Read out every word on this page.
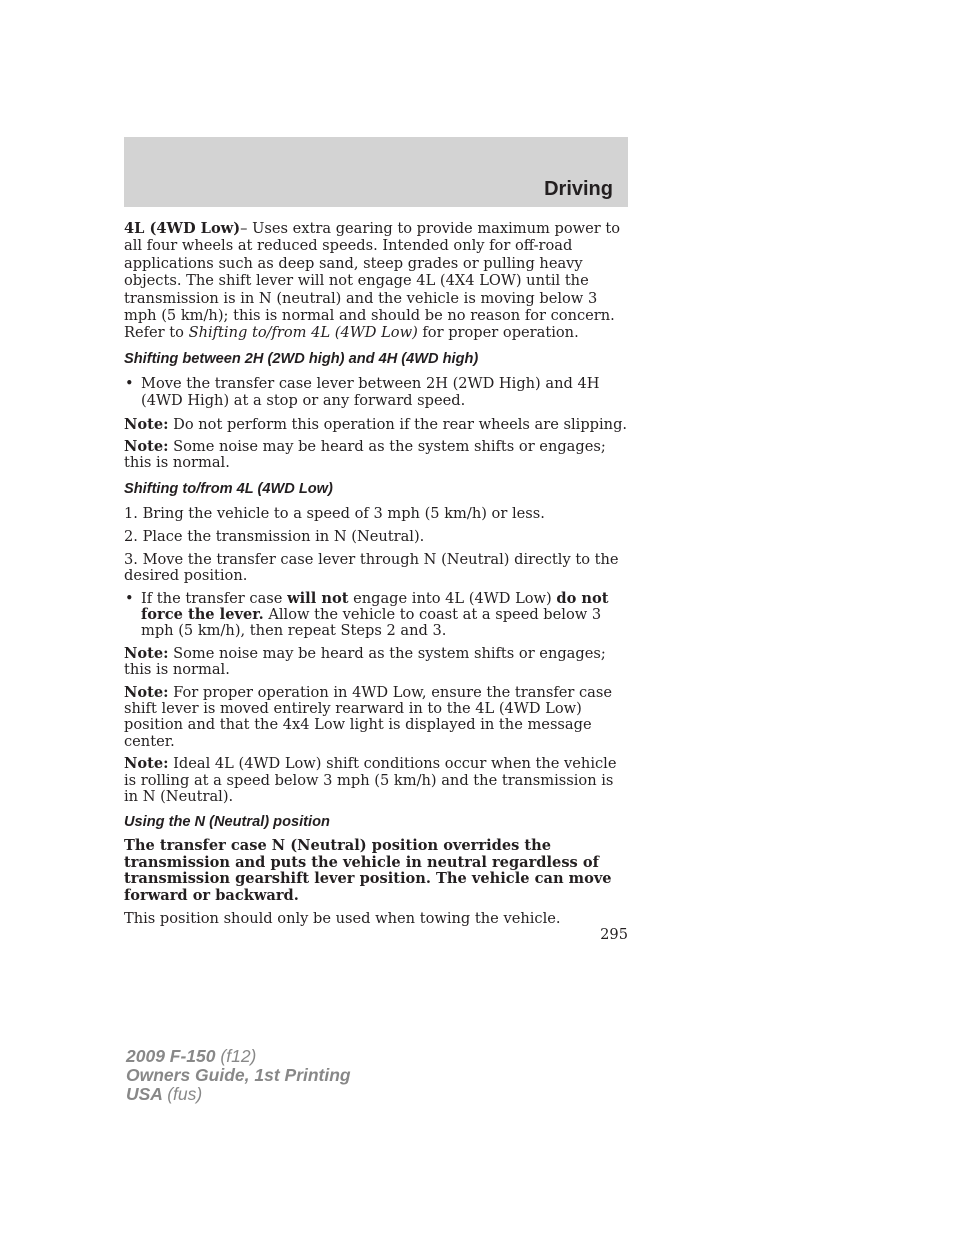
Driving

4L (4WD Low)– Uses extra gearing to provide maximum power to all four wheels at reduced speeds. Intended only for off-road applications such as deep sand, steep grades or pulling heavy objects. The shift lever will not engage 4L (4X4 LOW) until the transmission is in N (neutral) and the vehicle is moving below 3 mph (5 km/h); this is normal and should be no reason for concern. Refer to Shifting to/from 4L (4WD Low) for proper operation.

Shifting between 2H (2WD high) and 4H (4WD high)
• Move the transfer case lever between 2H (2WD High) and 4H (4WD High) at a stop or any forward speed.

Note: Do not perform this operation if the rear wheels are slipping.

Note: Some noise may be heard as the system shifts or engages; this is normal.

Shifting to/from 4L (4WD Low)

1. Bring the vehicle to a speed of 3 mph (5 km/h) or less.

2. Place the transmission in N (Neutral).

3. Move the transfer case lever through N (Neutral) directly to the desired position.

• If the transfer case will not engage into 4L (4WD Low) do not force the lever. Allow the vehicle to coast at a speed below 3 mph (5 km/h), then repeat Steps 2 and 3.

Note: Some noise may be heard as the system shifts or engages; this is normal.

Note: For proper operation in 4WD Low, ensure the transfer case shift lever is moved entirely rearward in to the 4L (4WD Low) position and that the 4x4 Low light is displayed in the message center.

Note: Ideal 4L (4WD Low) shift conditions occur when the vehicle is rolling at a speed below 3 mph (5 km/h) and the transmission is in N (Neutral).

Using the N (Neutral) position

The transfer case N (Neutral) position overrides the transmission and puts the vehicle in neutral regardless of transmission gearshift lever position. The vehicle can move forward or backward.

This position should only be used when towing the vehicle.

295
2009 F-150 (f12)
Owners Guide, 1st Printing
USA (fus)
